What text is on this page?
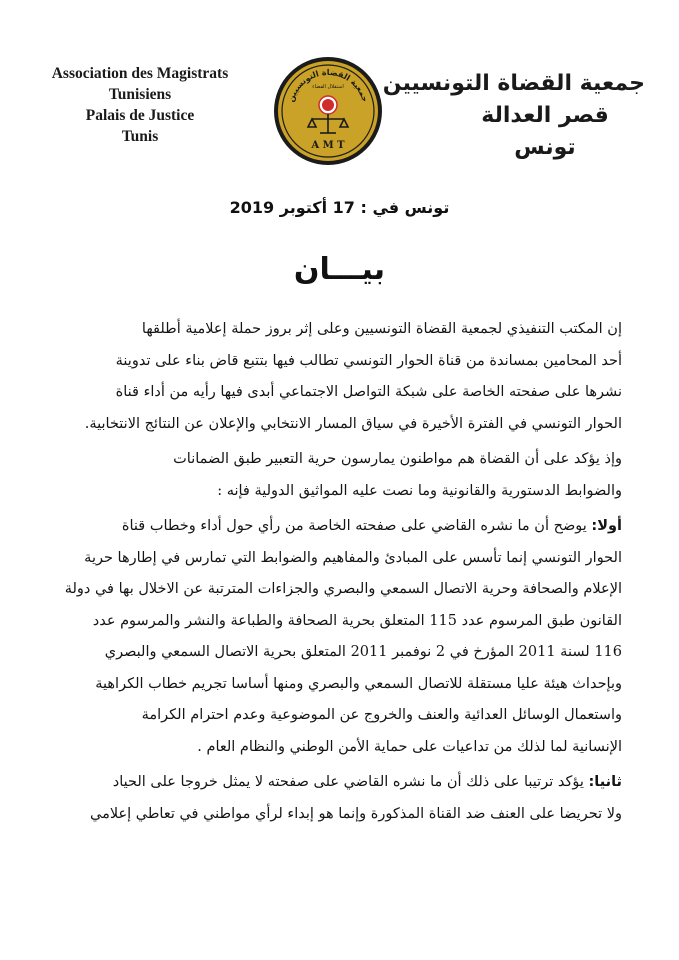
Association des Magistrats
Tunisiens
Palais de Justice
Tunis
جمعية القضاة التونسيين
استقلال القضاء
A M T
جمعية القضاة التونسيين
قصر العدالة
تونس
تونس في : 17 أكتوبر 2019
بيـــان
إن المكتب التنفيذي لجمعية القضاة التونسيين وعلى إثر بروز حملة إعلامية أطلقها
أحد المحامين بمساندة من قناة الحوار التونسي تطالب فيها بتتبع قاض بناء على تدوينة
نشرها على صفحته الخاصة على شبكة التواصل الاجتماعي أبدى فيها رأيه من أداء قناة
الحوار التونسي في الفترة الأخيرة في سياق المسار الانتخابي والإعلان عن النتائج الانتخابية.
وإذ يؤكد على أن القضاة هم مواطنون يمارسون حرية التعبير طبق الضمانات
والضوابط الدستورية والقانونية وما نصت عليه المواثيق الدولية فإنه :
أولا: يوضح أن ما نشره القاضي على صفحته الخاصة من رأي حول أداء وخطاب قناة
الحوار التونسي إنما تأسس على المبادئ والمفاهيم والضوابط التي تمارس في إطارها حرية
الإعلام والصحافة وحرية الاتصال السمعي والبصري والجزاءات المترتبة عن الاخلال بها في دولة
القانون طبق المرسوم عدد 115 المتعلق بحرية الصحافة والطباعة والنشر والمرسوم عدد
116 لسنة 2011 المؤرخ في 2 نوفمبر 2011 المتعلق بحرية الاتصال السمعي والبصري
وبإحداث هيئة عليا مستقلة للاتصال السمعي والبصري ومنها أساسا تجريم خطاب الكراهية
واستعمال الوسائل العدائية والعنف والخروج عن الموضوعية وعدم احترام الكرامة
الإنسانية لما لذلك من تداعيات على حماية الأمن الوطني والنظام العام .
ثانيا: يؤكد ترتيبا على ذلك أن ما نشره القاضي على صفحته لا يمثل خروجا على الحياد
ولا تحريضا على العنف ضد القناة المذكورة وإنما هو إبداء لرأي مواطني في تعاطي إعلامي
